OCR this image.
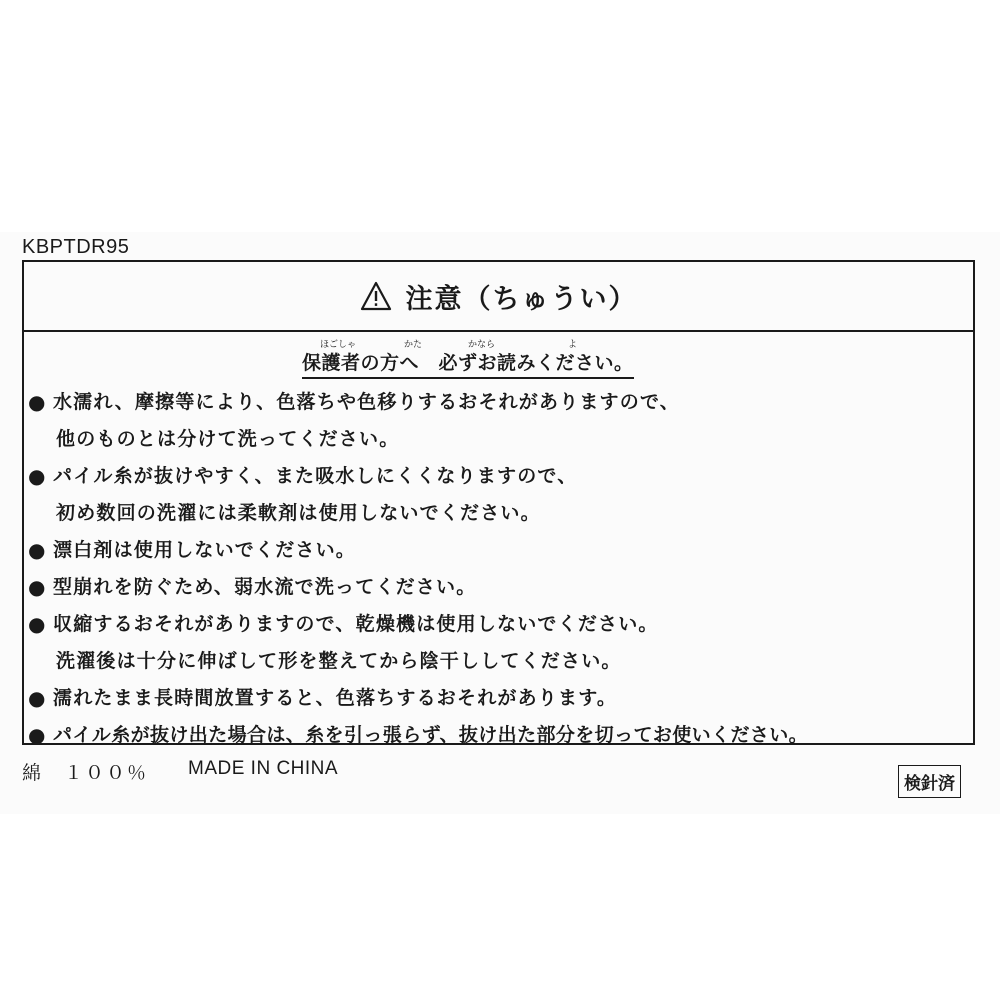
KBPTDR95
注意（ちゅうい）
ほごしゃ	かた	かなら	よ
保護者の方へ　必ずお読みください。
● 水濡れ、摩擦等により、色落ちや色移りするおそれがありますので、
他のものとは分けて洗ってください。
● パイル糸が抜けやすく、また吸水しにくくなりますので、
初め数回の洗濯には柔軟剤は使用しないでください。
● 漂白剤は使用しないでください。
● 型崩れを防ぐため、弱水流で洗ってください。
● 収縮するおそれがありますので、乾燥機は使用しないでください。
洗濯後は十分に伸ばして形を整えてから陰干ししてください。
● 濡れたまま長時間放置すると、色落ちするおそれがあります。
● パイル糸が抜け出た場合は、糸を引っ張らず、抜け出た部分を切ってお使いください。
綿　１００％ MADE IN CHINA
検針済
